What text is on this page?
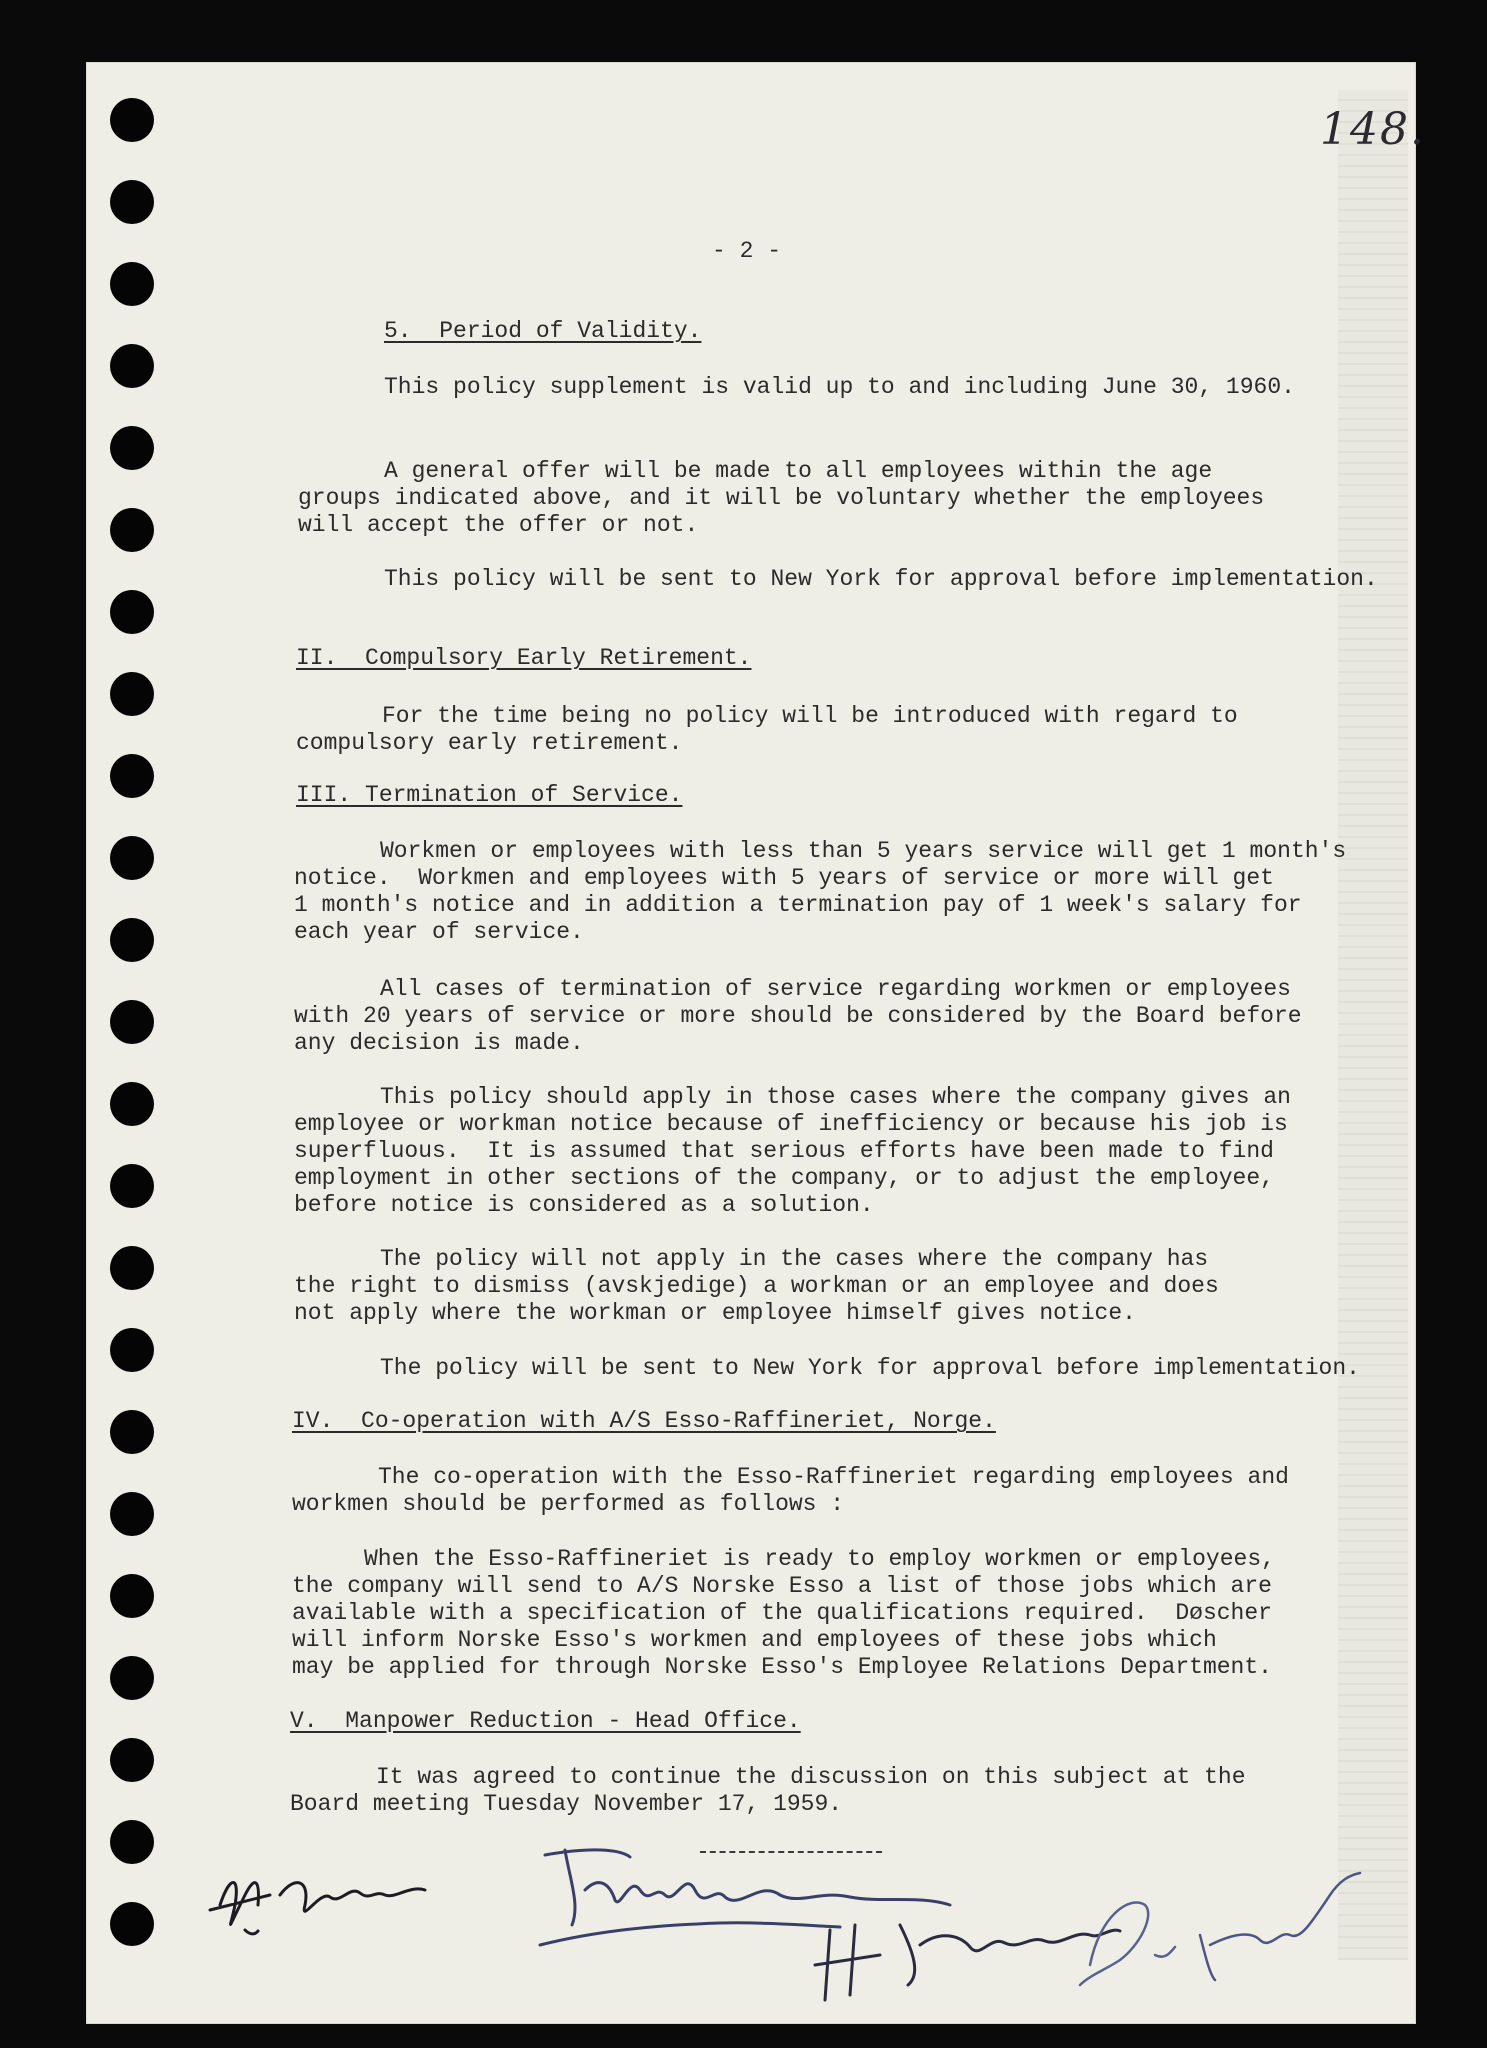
148.
- 2 -
5.  Period of Validity.
This policy supplement is valid up to and including June 30, 1960.
A general offer will be made to all employees within the age
groups indicated above, and it will be voluntary whether the employees
will accept the offer or not.
This policy will be sent to New York for approval before implementation.
II.  Compulsory Early Retirement.
For the time being no policy will be introduced with regard to
compulsory early retirement.
III. Termination of Service.
Workmen or employees with less than 5 years service will get 1 month's
notice.  Workmen and employees with 5 years of service or more will get
1 month's notice and in addition a termination pay of 1 week's salary for
each year of service.
All cases of termination of service regarding workmen or employees
with 20 years of service or more should be considered by the Board before
any decision is made.
This policy should apply in those cases where the company gives an
employee or workman notice because of inefficiency or because his job is
superfluous.  It is assumed that serious efforts have been made to find
employment in other sections of the company, or to adjust the employee,
before notice is considered as a solution.
The policy will not apply in the cases where the company has
the right to dismiss (avskjedige) a workman or an employee and does
not apply where the workman or employee himself gives notice.
The policy will be sent to New York for approval before implementation.
IV.  Co-operation with A/S Esso-Raffineriet, Norge.
The co-operation with the Esso-Raffineriet regarding employees and
workmen should be performed as follows :
When the Esso-Raffineriet is ready to employ workmen or employees,
the company will send to A/S Norske Esso a list of those jobs which are
available with a specification of the qualifications required.  Døscher
will inform Norske Esso's workmen and employees of these jobs which
may be applied for through Norske Esso's Employee Relations Department.
V.  Manpower Reduction - Head Office.
It was agreed to continue the discussion on this subject at the
Board meeting Tuesday November 17, 1959.
